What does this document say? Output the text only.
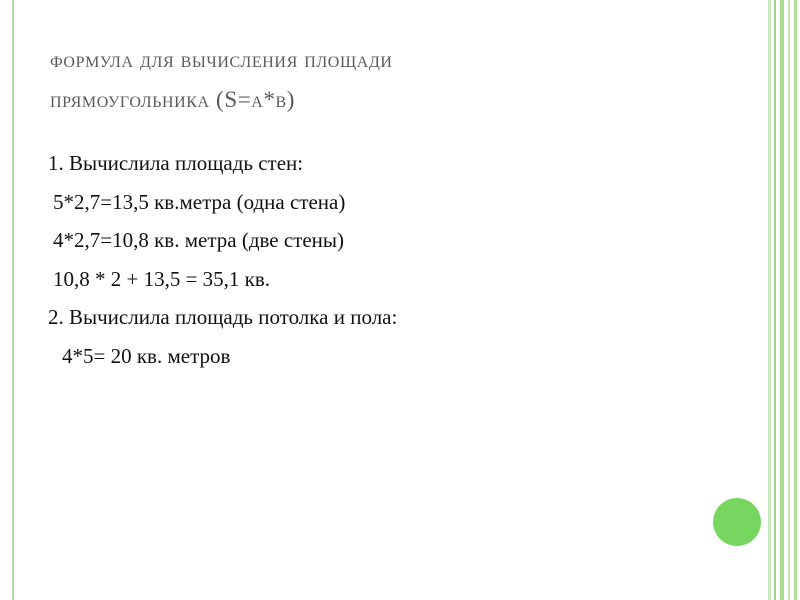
формула для вычисления площади
прямоугольника (S=a*b)
1. Вычислила площадь стен:
5*2,7=13,5 кв.метра (одна стена)
4*2,7=10,8 кв. метра (две стены)
10,8 * 2 + 13,5 = 35,1 кв.
2. Вычислила площадь потолка и пола:
4*5= 20 кв. метров
